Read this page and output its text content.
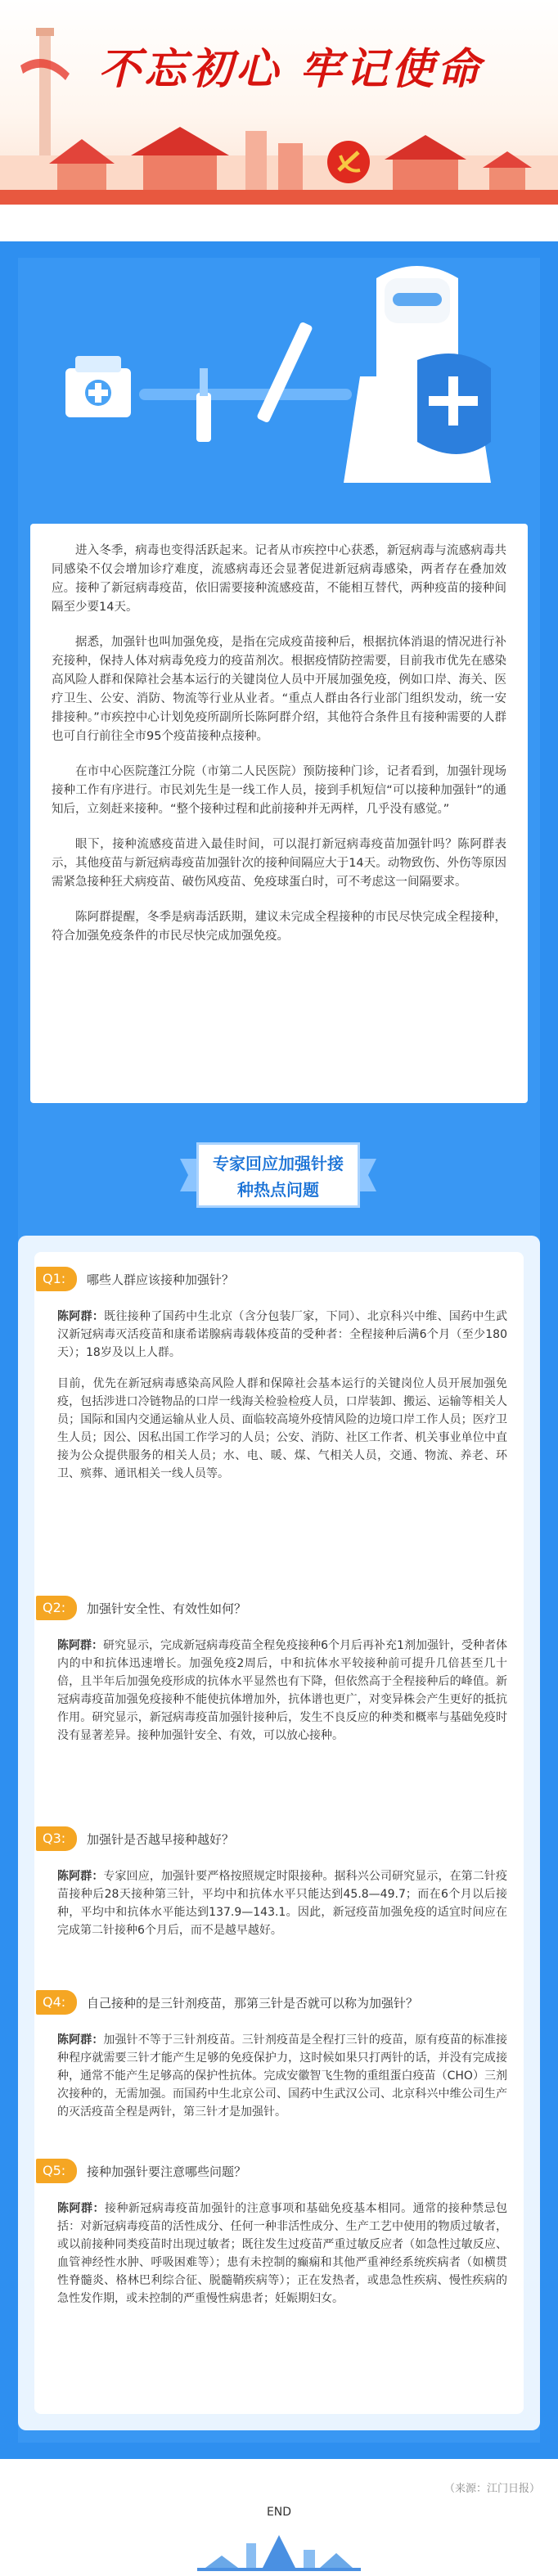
不忘初心 牢记使命

进入冬季，病毒也变得活跃起来。记者从市疾控中心获悉，新冠病毒与流感病毒共同感染不仅会增加诊疗难度，流感病毒还会显著促进新冠病毒感染，两者存在叠加效应。接种了新冠病毒疫苗，依旧需要接种流感疫苗，不能相互替代，两种疫苗的接种间隔至少要14天。

据悉，加强针也叫加强免疫，是指在完成疫苗接种后，根据抗体消退的情况进行补充接种，保持人体对病毒免疫力的疫苗剂次。根据疫情防控需要，目前我市优先在感染高风险人群和保障社会基本运行的关键岗位人员中开展加强免疫，例如口岸、海关、医疗卫生、公安、消防、物流等行业从业者。“重点人群由各行业部门组织发动，统一安排接种。”市疾控中心计划免疫所副所长陈阿群介绍，其他符合条件且有接种需要的人群也可自行前往全市95个疫苗接种点接种。

在市中心医院蓬江分院（市第二人民医院）预防接种门诊，记者看到，加强针现场接种工作有序进行。市民刘先生是一线工作人员，接到手机短信“可以接种加强针”的通知后，立刻赶来接种。“整个接种过程和此前接种并无两样，几乎没有感觉。”

眼下，接种流感疫苗进入最佳时间，可以混打新冠病毒疫苗加强针吗？陈阿群表示，其他疫苗与新冠病毒疫苗加强针次的接种间隔应大于14天。动物致伤、外伤等原因需紧急接种狂犬病疫苗、破伤风疫苗、免疫球蛋白时，可不考虑这一间隔要求。

陈阿群提醒，冬季是病毒活跃期，建议未完成全程接种的市民尽快完成全程接种，符合加强免疫条件的市民尽快完成加强免疫。

专家回应加强针接
种热点问题
Q1:	哪些人群应该接种加强针？

陈阿群：既往接种了国药中生北京（含分包装厂家，下同）、北京科兴中维、国药中生武汉新冠病毒灭活疫苗和康希诺腺病毒载体疫苗的受种者：全程接种后满6个月（至少180天）；18岁及以上人群。

目前，优先在新冠病毒感染高风险人群和保障社会基本运行的关键岗位人员开展加强免疫，包括涉进口冷链物品的口岸一线海关检验检疫人员，口岸装卸、搬运、运输等相关人员；国际和国内交通运输从业人员、面临较高境外疫情风险的边境口岸工作人员；医疗卫生人员；因公、因私出国工作学习的人员；公安、消防、社区工作者、机关事业单位中直接为公众提供服务的相关人员；水、电、暖、煤、气相关人员，交通、物流、养老、环卫、殡葬、通讯相关一线人员等。

Q2:	加强针安全性、有效性如何？

陈阿群：研究显示，完成新冠病毒疫苗全程免疫接种6个月后再补充1剂加强针，受种者体内的中和抗体迅速增长。加强免疫2周后，中和抗体水平较接种前可提升几倍甚至几十倍，且半年后加强免疫形成的抗体水平显然也有下降，但依然高于全程接种后的峰值。新冠病毒疫苗加强免疫接种不能使抗体增加外，抗体谱也更广，对变异株会产生更好的抵抗作用。研究显示，新冠病毒疫苗加强针接种后，发生不良反应的种类和概率与基础免疫时没有显著差异。接种加强针安全、有效，可以放心接种。

Q3:	加强针是否越早接种越好？

陈阿群：专家回应，加强针要严格按照规定时限接种。据科兴公司研究显示，在第二针疫苗接种后28天接种第三针，平均中和抗体水平只能达到45.8—49.7；而在6个月以后接种，平均中和抗体水平能达到137.9—143.1。因此，新冠疫苗加强免疫的适宜时间应在完成第二针接种6个月后，而不是越早越好。

Q4:	自己接种的是三针剂疫苗，那第三针是否就可以称为加强针？

陈阿群：加强针不等于三针剂疫苗。三针剂疫苗是全程打三针的疫苗，原有疫苗的标准接种程序就需要三针才能产生足够的免疫保护力，这时候如果只打两针的话，并没有完成接种，通常不能产生足够高的保护性抗体。完成安徽智飞生物的重组蛋白疫苗（CHO）三剂次接种的，无需加强。而国药中生北京公司、国药中生武汉公司、北京科兴中维公司生产的灭活疫苗全程是两针，第三针才是加强针。

Q5:	接种加强针要注意哪些问题？

陈阿群：接种新冠病毒疫苗加强针的注意事项和基础免疫基本相同。通常的接种禁忌包括：对新冠病毒疫苗的活性成分、任何一种非活性成分、生产工艺中使用的物质过敏者，或以前接种同类疫苗时出现过敏者；既往发生过疫苗严重过敏反应者（如急性过敏反应、血管神经性水肿、呼吸困难等）；患有未控制的癫痫和其他严重神经系统疾病者（如横贯性脊髓炎、格林巴利综合征、脱髓鞘疾病等）；正在发热者，或患急性疾病、慢性疾病的急性发作期，或未控制的严重慢性病患者；妊娠期妇女。

（来源：江门日报）
END
